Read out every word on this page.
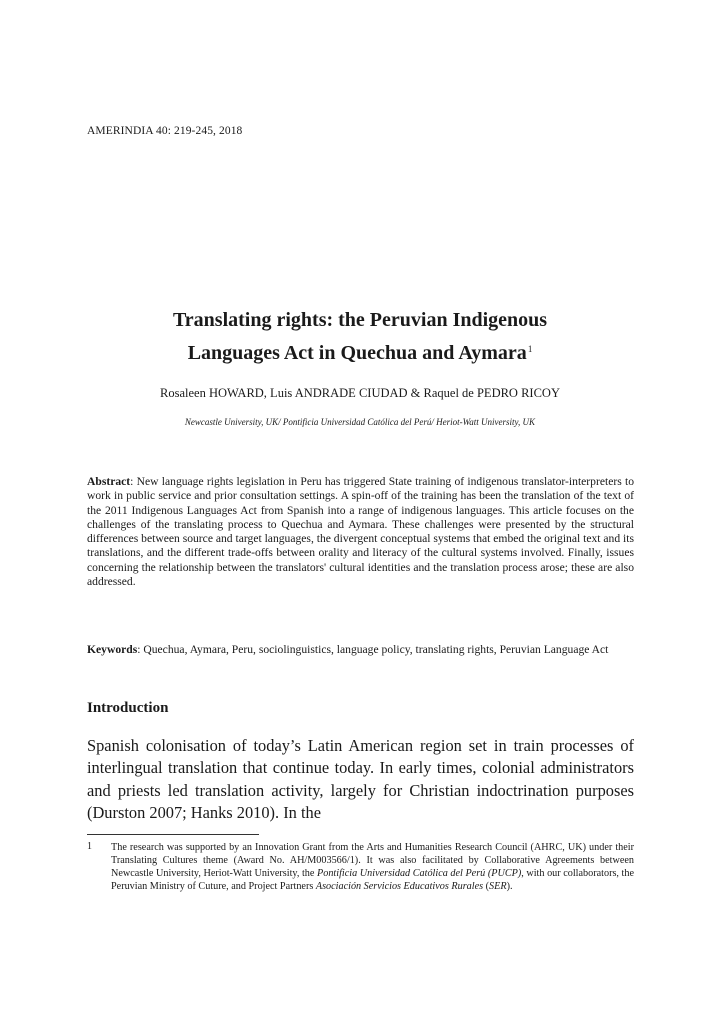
AMERINDIA 40: 219-245, 2018
Translating rights: the Peruvian Indigenous
Languages Act in Quechua and Aymara$^1$
Rosaleen HOWARD, Luis ANDRADE CIUDAD & Raquel de PEDRO RICOY
Newcastle University, UK/ Pontificia Universidad Católica del Perú/ Heriot-Watt University, UK
Abstract: New language rights legislation in Peru has triggered State training of indigenous translator-interpreters to work in public service and prior consultation settings. A spin-off of the training has been the translation of the text of the 2011 Indigenous Languages Act from Spanish into a range of indigenous languages. This article focuses on the challenges of the translating process to Quechua and Aymara. These challenges were presented by the structural differences between source and target languages, the divergent conceptual systems that embed the original text and its translations, and the different trade-offs between orality and literacy of the cultural systems involved. Finally, issues concerning the relationship between the translators' cultural identities and the translation process arose; these are also addressed.
Keywords: Quechua, Aymara, Peru, sociolinguistics, language policy, translating rights, Peruvian Language Act
Introduction
Spanish colonisation of today’s Latin American region set in train processes of interlingual translation that continue today. In early times, colonial administrators and priests led translation activity, largely for Christian indoctrination purposes (Durston 2007; Hanks 2010). In the
1 The research was supported by an Innovation Grant from the Arts and Humanities Research Council (AHRC, UK) under their Translating Cultures theme (Award No. AH/M003566/1). It was also facilitated by Collaborative Agreements between Newcastle University, Heriot-Watt University, the Pontificia Universidad Católica del Perú (PUCP), with our collaborators, the Peruvian Ministry of Cuture, and Project Partners Asociación Servicios Educativos Rurales (SER).
